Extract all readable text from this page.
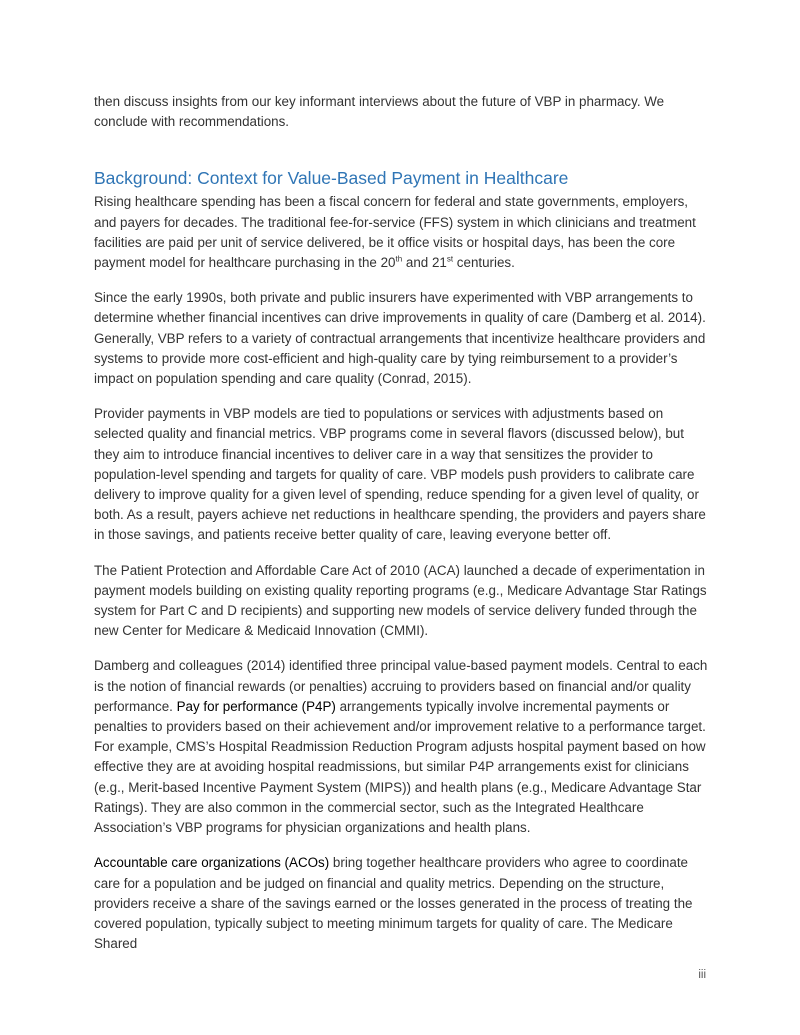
then discuss insights from our key informant interviews about the future of VBP in pharmacy. We conclude with recommendations.

Background: Context for Value-Based Payment in Healthcare

Rising healthcare spending has been a fiscal concern for federal and state governments, employers, and payers for decades. The traditional fee-for-service (FFS) system in which clinicians and treatment facilities are paid per unit of service delivered, be it office visits or hospital days, has been the core payment model for healthcare purchasing in the 20th and 21st centuries.

Since the early 1990s, both private and public insurers have experimented with VBP arrangements to determine whether financial incentives can drive improvements in quality of care (Damberg et al. 2014). Generally, VBP refers to a variety of contractual arrangements that incentivize healthcare providers and systems to provide more cost-efficient and high-quality care by tying reimbursement to a provider’s impact on population spending and care quality (Conrad, 2015).

Provider payments in VBP models are tied to populations or services with adjustments based on selected quality and financial metrics. VBP programs come in several flavors (discussed below), but they aim to introduce financial incentives to deliver care in a way that sensitizes the provider to population-level spending and targets for quality of care. VBP models push providers to calibrate care delivery to improve quality for a given level of spending, reduce spending for a given level of quality, or both. As a result, payers achieve net reductions in healthcare spending, the providers and payers share in those savings, and patients receive better quality of care, leaving everyone better off.

The Patient Protection and Affordable Care Act of 2010 (ACA) launched a decade of experimentation in payment models building on existing quality reporting programs (e.g., Medicare Advantage Star Ratings system for Part C and D recipients) and supporting new models of service delivery funded through the new Center for Medicare & Medicaid Innovation (CMMI).

Damberg and colleagues (2014) identified three principal value-based payment models. Central to each is the notion of financial rewards (or penalties) accruing to providers based on financial and/or quality performance. Pay for performance (P4P) arrangements typically involve incremental payments or penalties to providers based on their achievement and/or improvement relative to a performance target. For example, CMS’s Hospital Readmission Reduction Program adjusts hospital payment based on how effective they are at avoiding hospital readmissions, but similar P4P arrangements exist for clinicians (e.g., Merit-based Incentive Payment System (MIPS)) and health plans (e.g., Medicare Advantage Star Ratings). They are also common in the commercial sector, such as the Integrated Healthcare Association’s VBP programs for physician organizations and health plans.

Accountable care organizations (ACOs) bring together healthcare providers who agree to coordinate care for a population and be judged on financial and quality metrics. Depending on the structure, providers receive a share of the savings earned or the losses generated in the process of treating the covered population, typically subject to meeting minimum targets for quality of care. The Medicare Shared

iii
